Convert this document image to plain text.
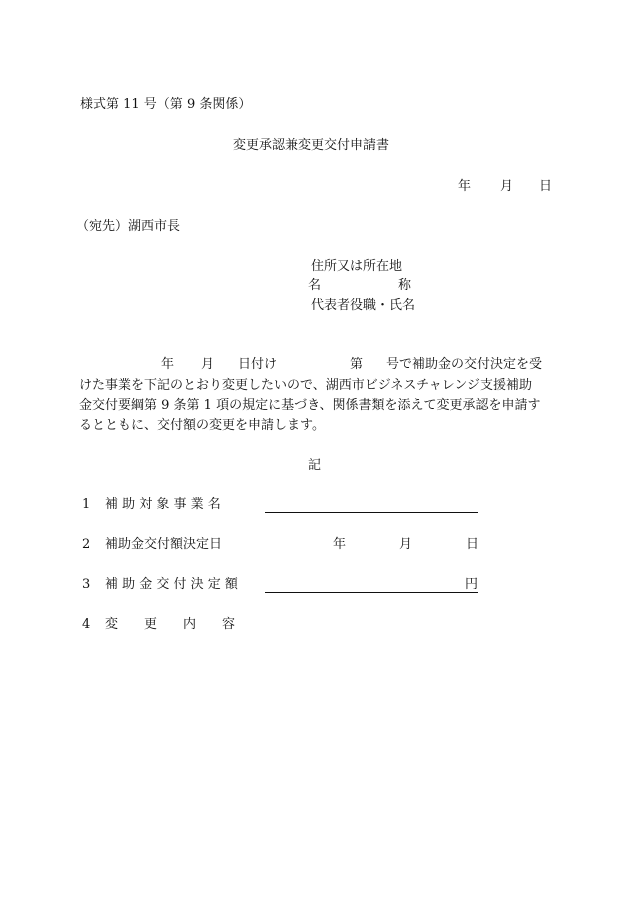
様式第 11 号（第 9 条関係）
変更承認兼変更交付申請書
年 月 日
（宛先）湖西市長
住所又は所在地
名	称
代表者役職・氏名
年 月 日付け	第 号で補助金の交付決定を受
けた事業を下記のとおり変更したいので、湖西市ビジネスチャレンジ支援補助
金交付要綱第 9 条第 1 項の規定に基づき、関係書類を添えて変更承認を申請す
るとともに、交付額の変更を申請します。
記
1 補 助 対 象 事 業 名
2 補助金交付額決定日	年	月	日
3 補 助 金 交 付 決 定 額	円
4 変　　更　　内　　容
